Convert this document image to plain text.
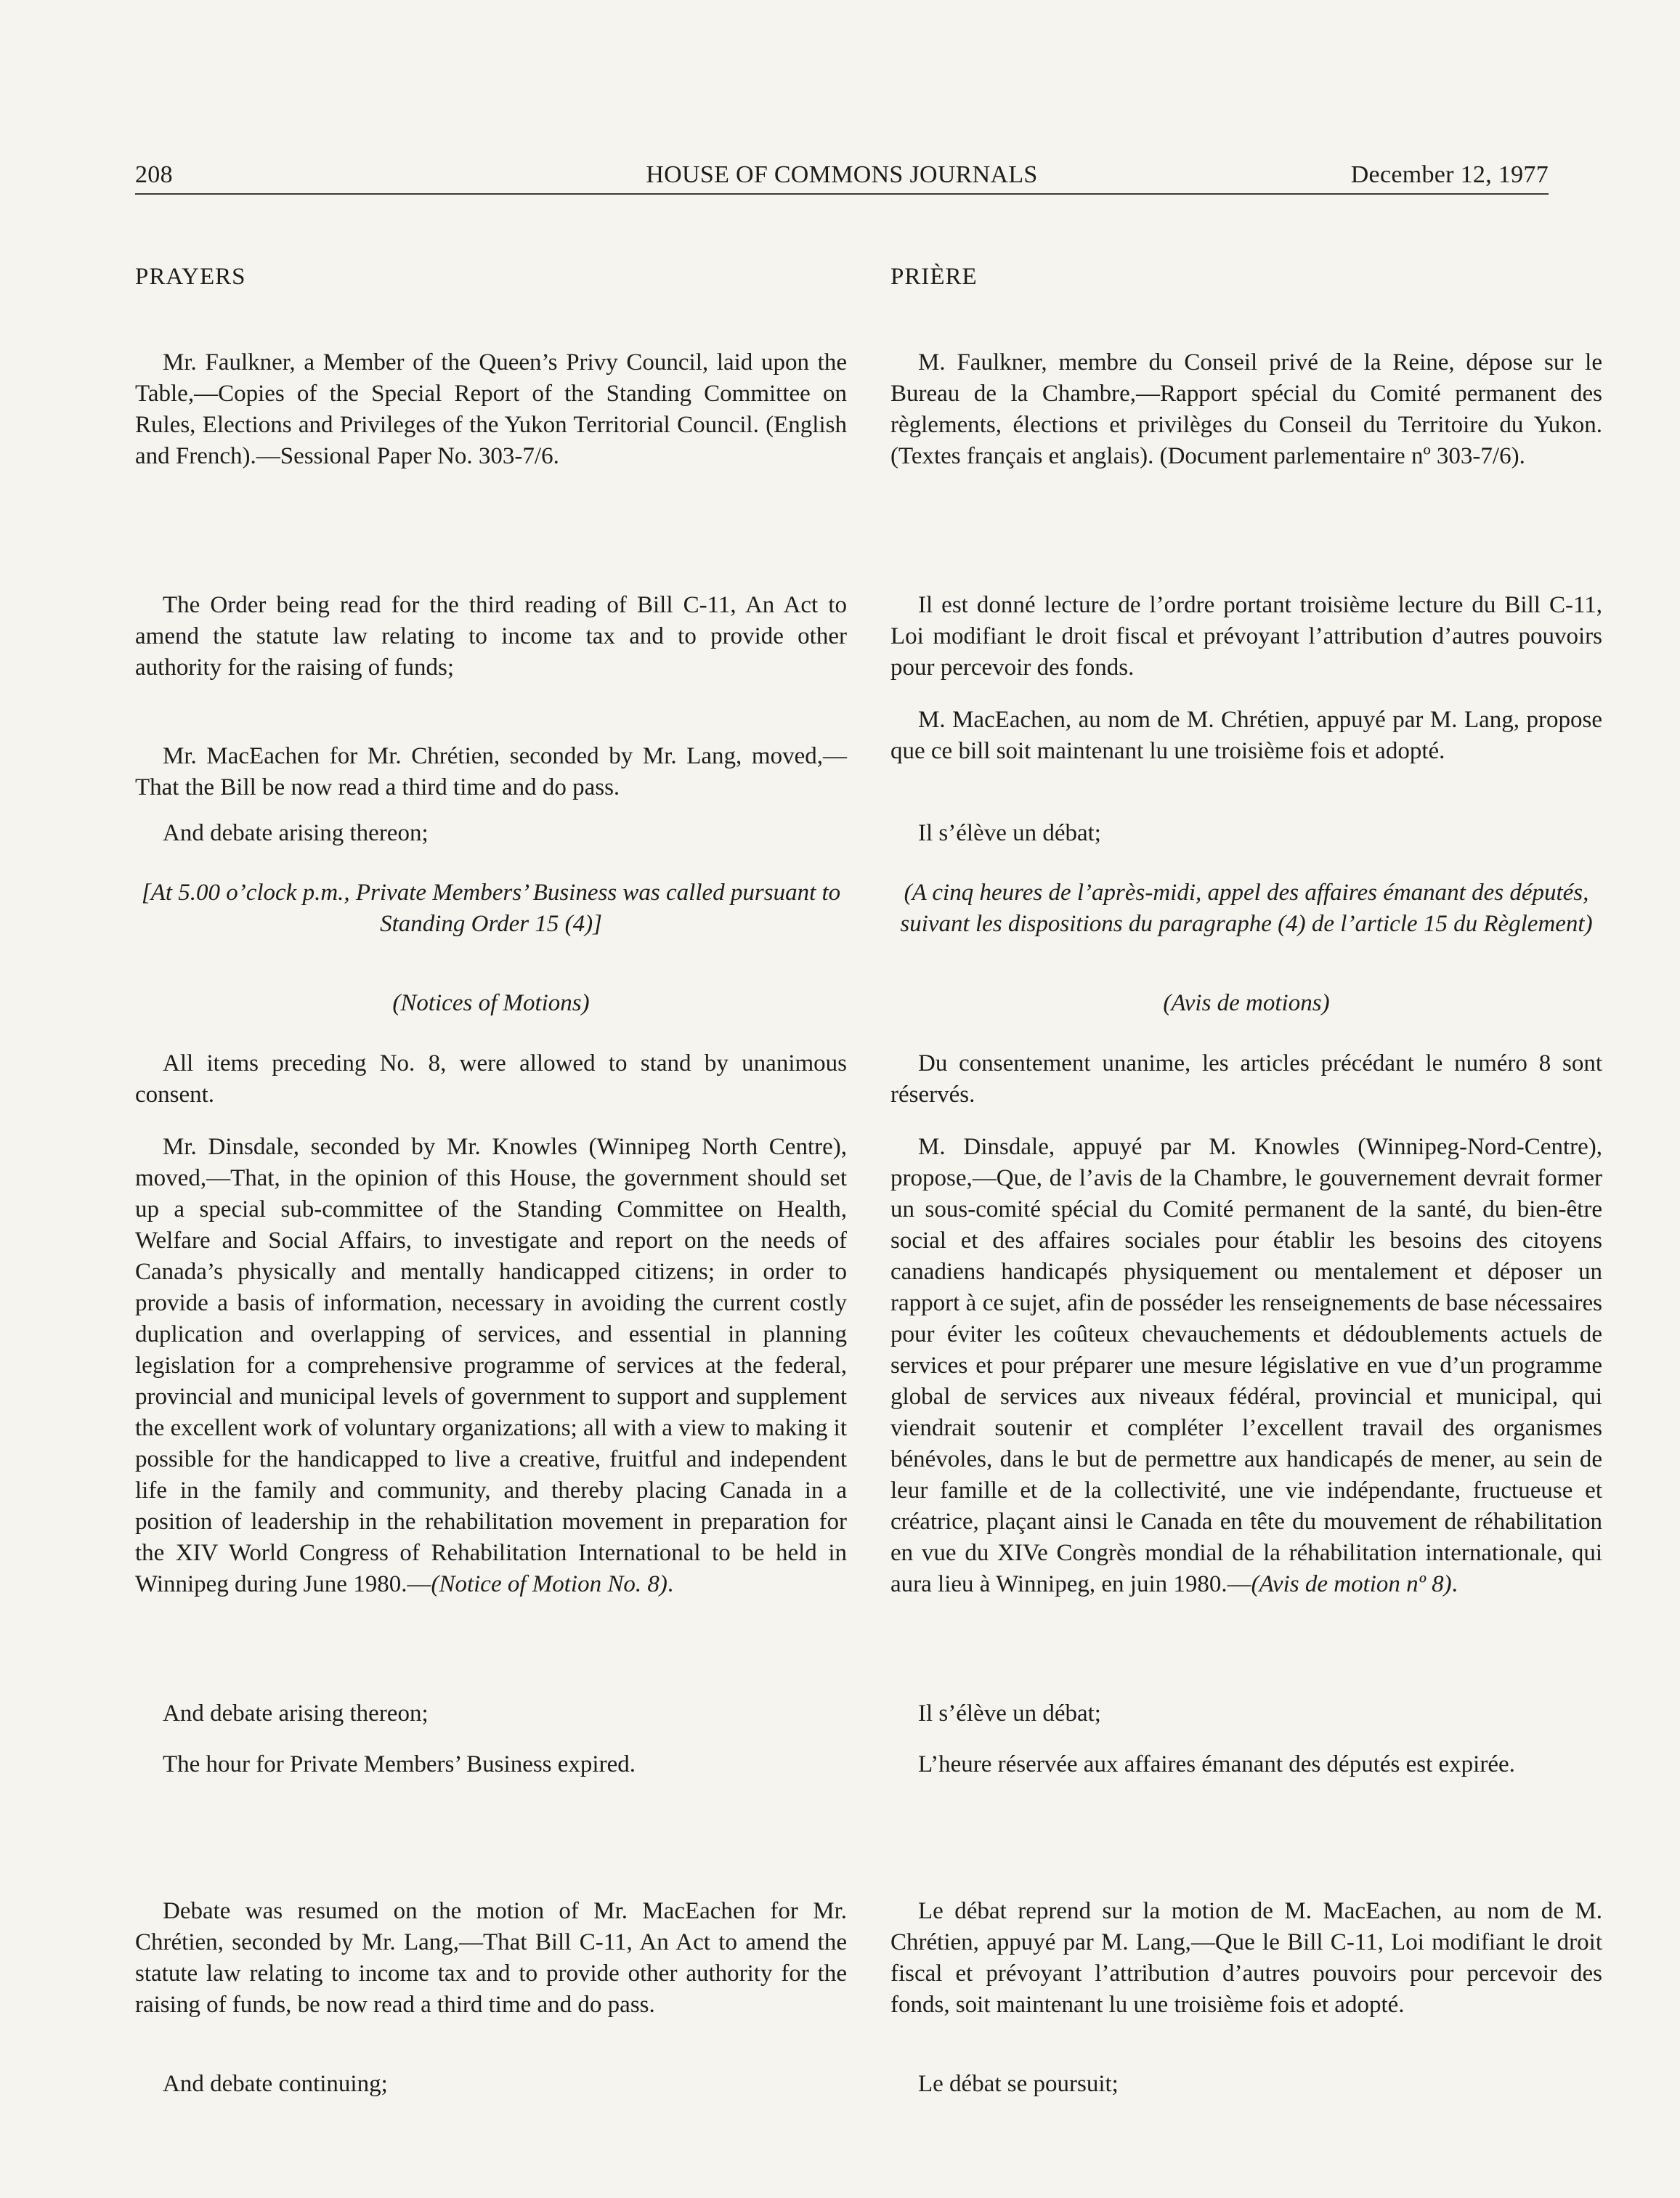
208	HOUSE OF COMMONS JOURNALS	December 12, 1977

PRAYERS

Mr. Faulkner, a Member of the Queen’s Privy Council, laid upon the Table,—Copies of the Special Report of the Standing Committee on Rules, Elections and Privileges of the Yukon Territorial Council. (English and French).—Sessional Paper No. 303-7/6.

The Order being read for the third reading of Bill C-11, An Act to amend the statute law relating to income tax and to provide other authority for the raising of funds;

Mr. MacEachen for Mr. Chrétien, seconded by Mr. Lang, moved,—That the Bill be now read a third time and do pass.

And debate arising thereon;

[At 5.00 o’clock p.m., Private Members’ Business was called pursuant to Standing Order 15 (4)]

(Notices of Motions)

All items preceding No. 8, were allowed to stand by unanimous consent.

Mr. Dinsdale, seconded by Mr. Knowles (Winnipeg North Centre), moved,—That, in the opinion of this House, the government should set up a special sub-committee of the Standing Committee on Health, Welfare and Social Affairs, to investigate and report on the needs of Canada’s physically and mentally handicapped citizens; in order to provide a basis of information, necessary in avoiding the current costly duplication and overlapping of services, and essential in planning legislation for a comprehensive programme of services at the federal, provincial and municipal levels of government to support and supplement the excellent work of voluntary organizations; all with a view to making it possible for the handicapped to live a creative, fruitful and independent life in the family and community, and thereby placing Canada in a position of leadership in the rehabilitation movement in preparation for the XIV World Congress of Rehabilitation International to be held in Winnipeg during June 1980.—(Notice of Motion No. 8).

And debate arising thereon;

The hour for Private Members’ Business expired.

Debate was resumed on the motion of Mr. MacEachen for Mr. Chrétien, seconded by Mr. Lang,—That Bill C-11, An Act to amend the statute law relating to income tax and to provide other authority for the raising of funds, be now read a third time and do pass.

And debate continuing;

PRIÈRE

M. Faulkner, membre du Conseil privé de la Reine, dépose sur le Bureau de la Chambre,—Rapport spécial du Comité permanent des règlements, élections et privilèges du Conseil du Territoire du Yukon. (Textes français et anglais). (Document parlementaire nº 303-7/6).

Il est donné lecture de l’ordre portant troisième lecture du Bill C-11, Loi modifiant le droit fiscal et prévoyant l’attribution d’autres pouvoirs pour percevoir des fonds.

M. MacEachen, au nom de M. Chrétien, appuyé par M. Lang, propose que ce bill soit maintenant lu une troisième fois et adopté.

Il s’élève un débat;

(A cinq heures de l’après-midi, appel des affaires émanant des députés, suivant les dispositions du paragraphe (4) de l’article 15 du Règlement)

(Avis de motions)

Du consentement unanime, les articles précédant le numéro 8 sont réservés.

M. Dinsdale, appuyé par M. Knowles (Winnipeg-Nord-Centre), propose,—Que, de l’avis de la Chambre, le gouvernement devrait former un sous-comité spécial du Comité permanent de la santé, du bien-être social et des affaires sociales pour établir les besoins des citoyens canadiens handicapés physiquement ou mentalement et déposer un rapport à ce sujet, afin de posséder les renseignements de base nécessaires pour éviter les coûteux chevauchements et dédoublements actuels de services et pour préparer une mesure législative en vue d’un programme global de services aux niveaux fédéral, provincial et municipal, qui viendrait soutenir et compléter l’excellent travail des organismes bénévoles, dans le but de permettre aux handicapés de mener, au sein de leur famille et de la collectivité, une vie indépendante, fructueuse et créatrice, plaçant ainsi le Canada en tête du mouvement de réhabilitation en vue du XIVe Congrès mondial de la réhabilitation internationale, qui aura lieu à Winnipeg, en juin 1980.—(Avis de motion nº 8).

Il s’élève un débat;

L’heure réservée aux affaires émanant des députés est expirée.

Le débat reprend sur la motion de M. MacEachen, au nom de M. Chrétien, appuyé par M. Lang,—Que le Bill C-11, Loi modifiant le droit fiscal et prévoyant l’attribution d’autres pouvoirs pour percevoir des fonds, soit maintenant lu une troisième fois et adopté.

Le débat se poursuit;
